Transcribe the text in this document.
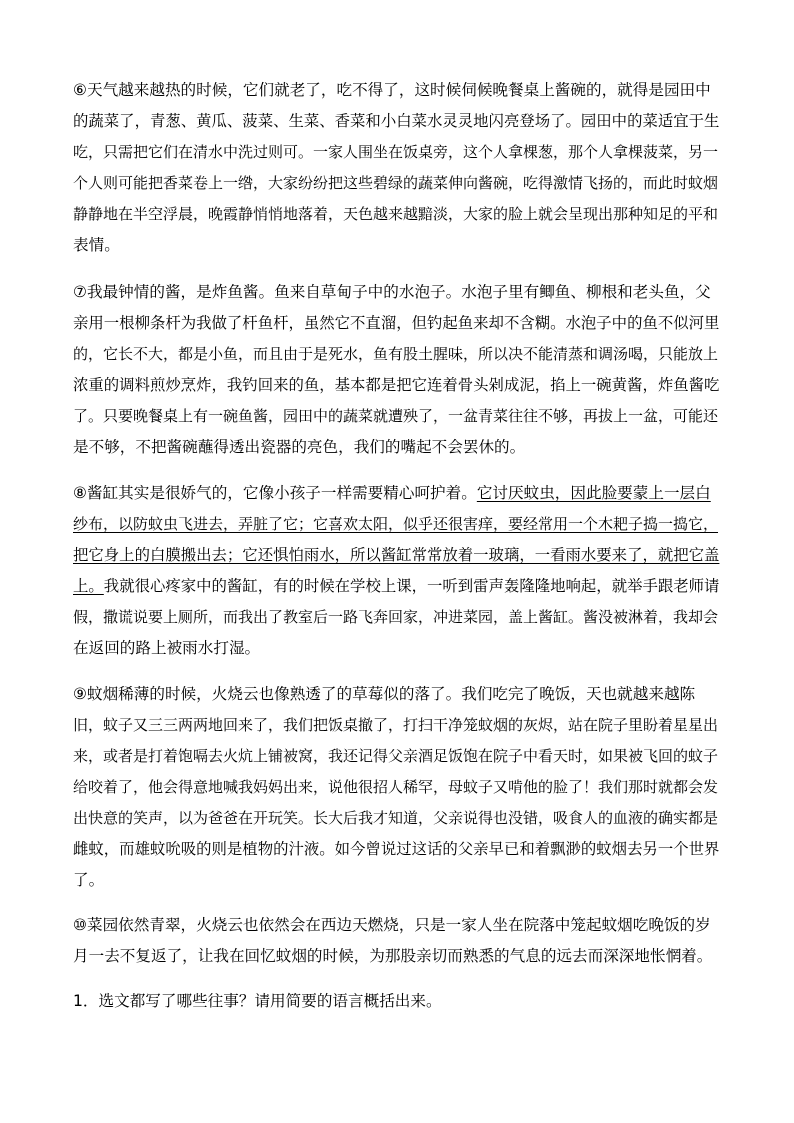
⑥天气越来越热的时候，它们就老了，吃不得了，这时候伺候晚餐桌上酱碗的，就得是园田中
的蔬菜了，青葱、黄瓜、菠菜、生菜、香菜和小白菜水灵灵地闪亮登场了。园田中的菜适宜于生
吃，只需把它们在清水中洗过则可。一家人围坐在饭桌旁，这个人拿棵葱，那个人拿棵菠菜，另一
个人则可能把香菜卷上一绺，大家纷纷把这些碧绿的蔬菜伸向酱碗，吃得激情飞扬的，而此时蚊烟
静静地在半空浮晨，晚霞静悄悄地落着，天色越来越黯淡，大家的脸上就会呈现出那种知足的平和
表情。
⑦我最钟情的酱，是炸鱼酱。鱼来自草甸子中的水泡子。水泡子里有鲫鱼、柳根和老头鱼，父
亲用一根柳条杆为我做了杆鱼杆，虽然它不直溜，但钓起鱼来却不含糊。水泡子中的鱼不似河里
的，它长不大，都是小鱼，而且由于是死水，鱼有股土腥味，所以决不能清蒸和调汤喝，只能放上
浓重的调料煎炒烹炸，我钓回来的鱼，基本都是把它连着骨头剁成泥，掐上一碗黄酱，炸鱼酱吃
了。只要晚餐桌上有一碗鱼酱，园田中的蔬菜就遭殃了，一盆青菜往往不够，再拔上一盆，可能还
是不够，不把酱碗蘸得透出瓷器的亮色，我们的嘴起不会罢休的。
⑧酱缸其实是很娇气的，它像小孩子一样需要精心呵护着。它讨厌蚊虫，因此脸要蒙上一层白
纱布，以防蚊虫飞进去，弄脏了它；它喜欢太阳，似乎还很害痒，要经常用一个木耙子捣一捣它，
把它身上的白膜搬出去；它还惧怕雨水，所以酱缸常常放着一玻璃，一看雨水要来了，就把它盖
上。我就很心疼家中的酱缸，有的时候在学校上课，一听到雷声轰隆隆地响起，就举手跟老师请
假，撒谎说要上厕所，而我出了教室后一路飞奔回家，冲进菜园，盖上酱缸。酱没被淋着，我却会
在返回的路上被雨水打湿。
⑨蚊烟稀薄的时候，火烧云也像熟透了的草莓似的落了。我们吃完了晚饭，天也就越来越陈
旧，蚊子又三三两两地回来了，我们把饭桌撤了，打扫干净笼蚊烟的灰烬，站在院子里盼着星星出
来，或者是打着饱嗝去火炕上铺被窝，我还记得父亲酒足饭饱在院子中看天时，如果被飞回的蚊子
给咬着了，他会得意地喊我妈妈出来，说他很招人稀罕，母蚊子又啃他的脸了！我们那时就都会发
出快意的笑声，以为爸爸在开玩笑。长大后我才知道，父亲说得也没错，吸食人的血液的确实都是
雌蚊，而雄蚊吮吸的则是植物的汁液。如今曾说过这话的父亲早已和着飘渺的蚊烟去另一个世界
了。
⑩菜园依然青翠，火烧云也依然会在西边天燃烧，只是一家人坐在院落中笼起蚊烟吃晚饭的岁
月一去不复返了，让我在回忆蚊烟的时候，为那股亲切而熟悉的气息的远去而深深地怅惘着。
1．选文都写了哪些往事？请用简要的语言概括出来。
